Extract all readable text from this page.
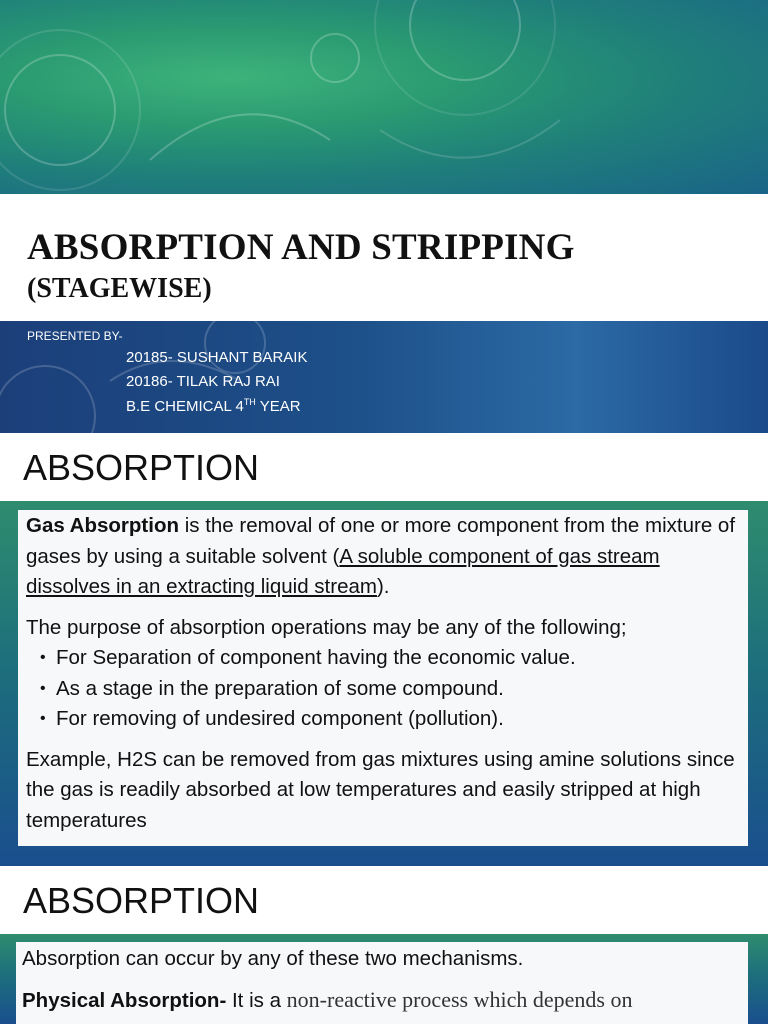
ABSORPTION AND STRIPPING
(STAGEWISE)
PRESENTED BY-
20185- SUSHANT BARAIK
20186- TILAK RAJ RAI
B.E CHEMICAL 4TH YEAR
ABSORPTION

Gas Absorption is the removal of one or more component from the mixture of gases by using a suitable solvent (A soluble component of gas stream dissolves in an extracting liquid stream).

The purpose of absorption operations may be any of the following;

• For Separation of component having the economic value.
• As a stage in the preparation of some compound.
• For removing of undesired component (pollution).

Example, H2S can be removed from gas mixtures using amine solutions since the gas is readily absorbed at low temperatures and easily stripped at high temperatures

ABSORPTION

Absorption can occur by any of these two mechanisms.

Physical Absorption- It is a non-reactive process which depends on
